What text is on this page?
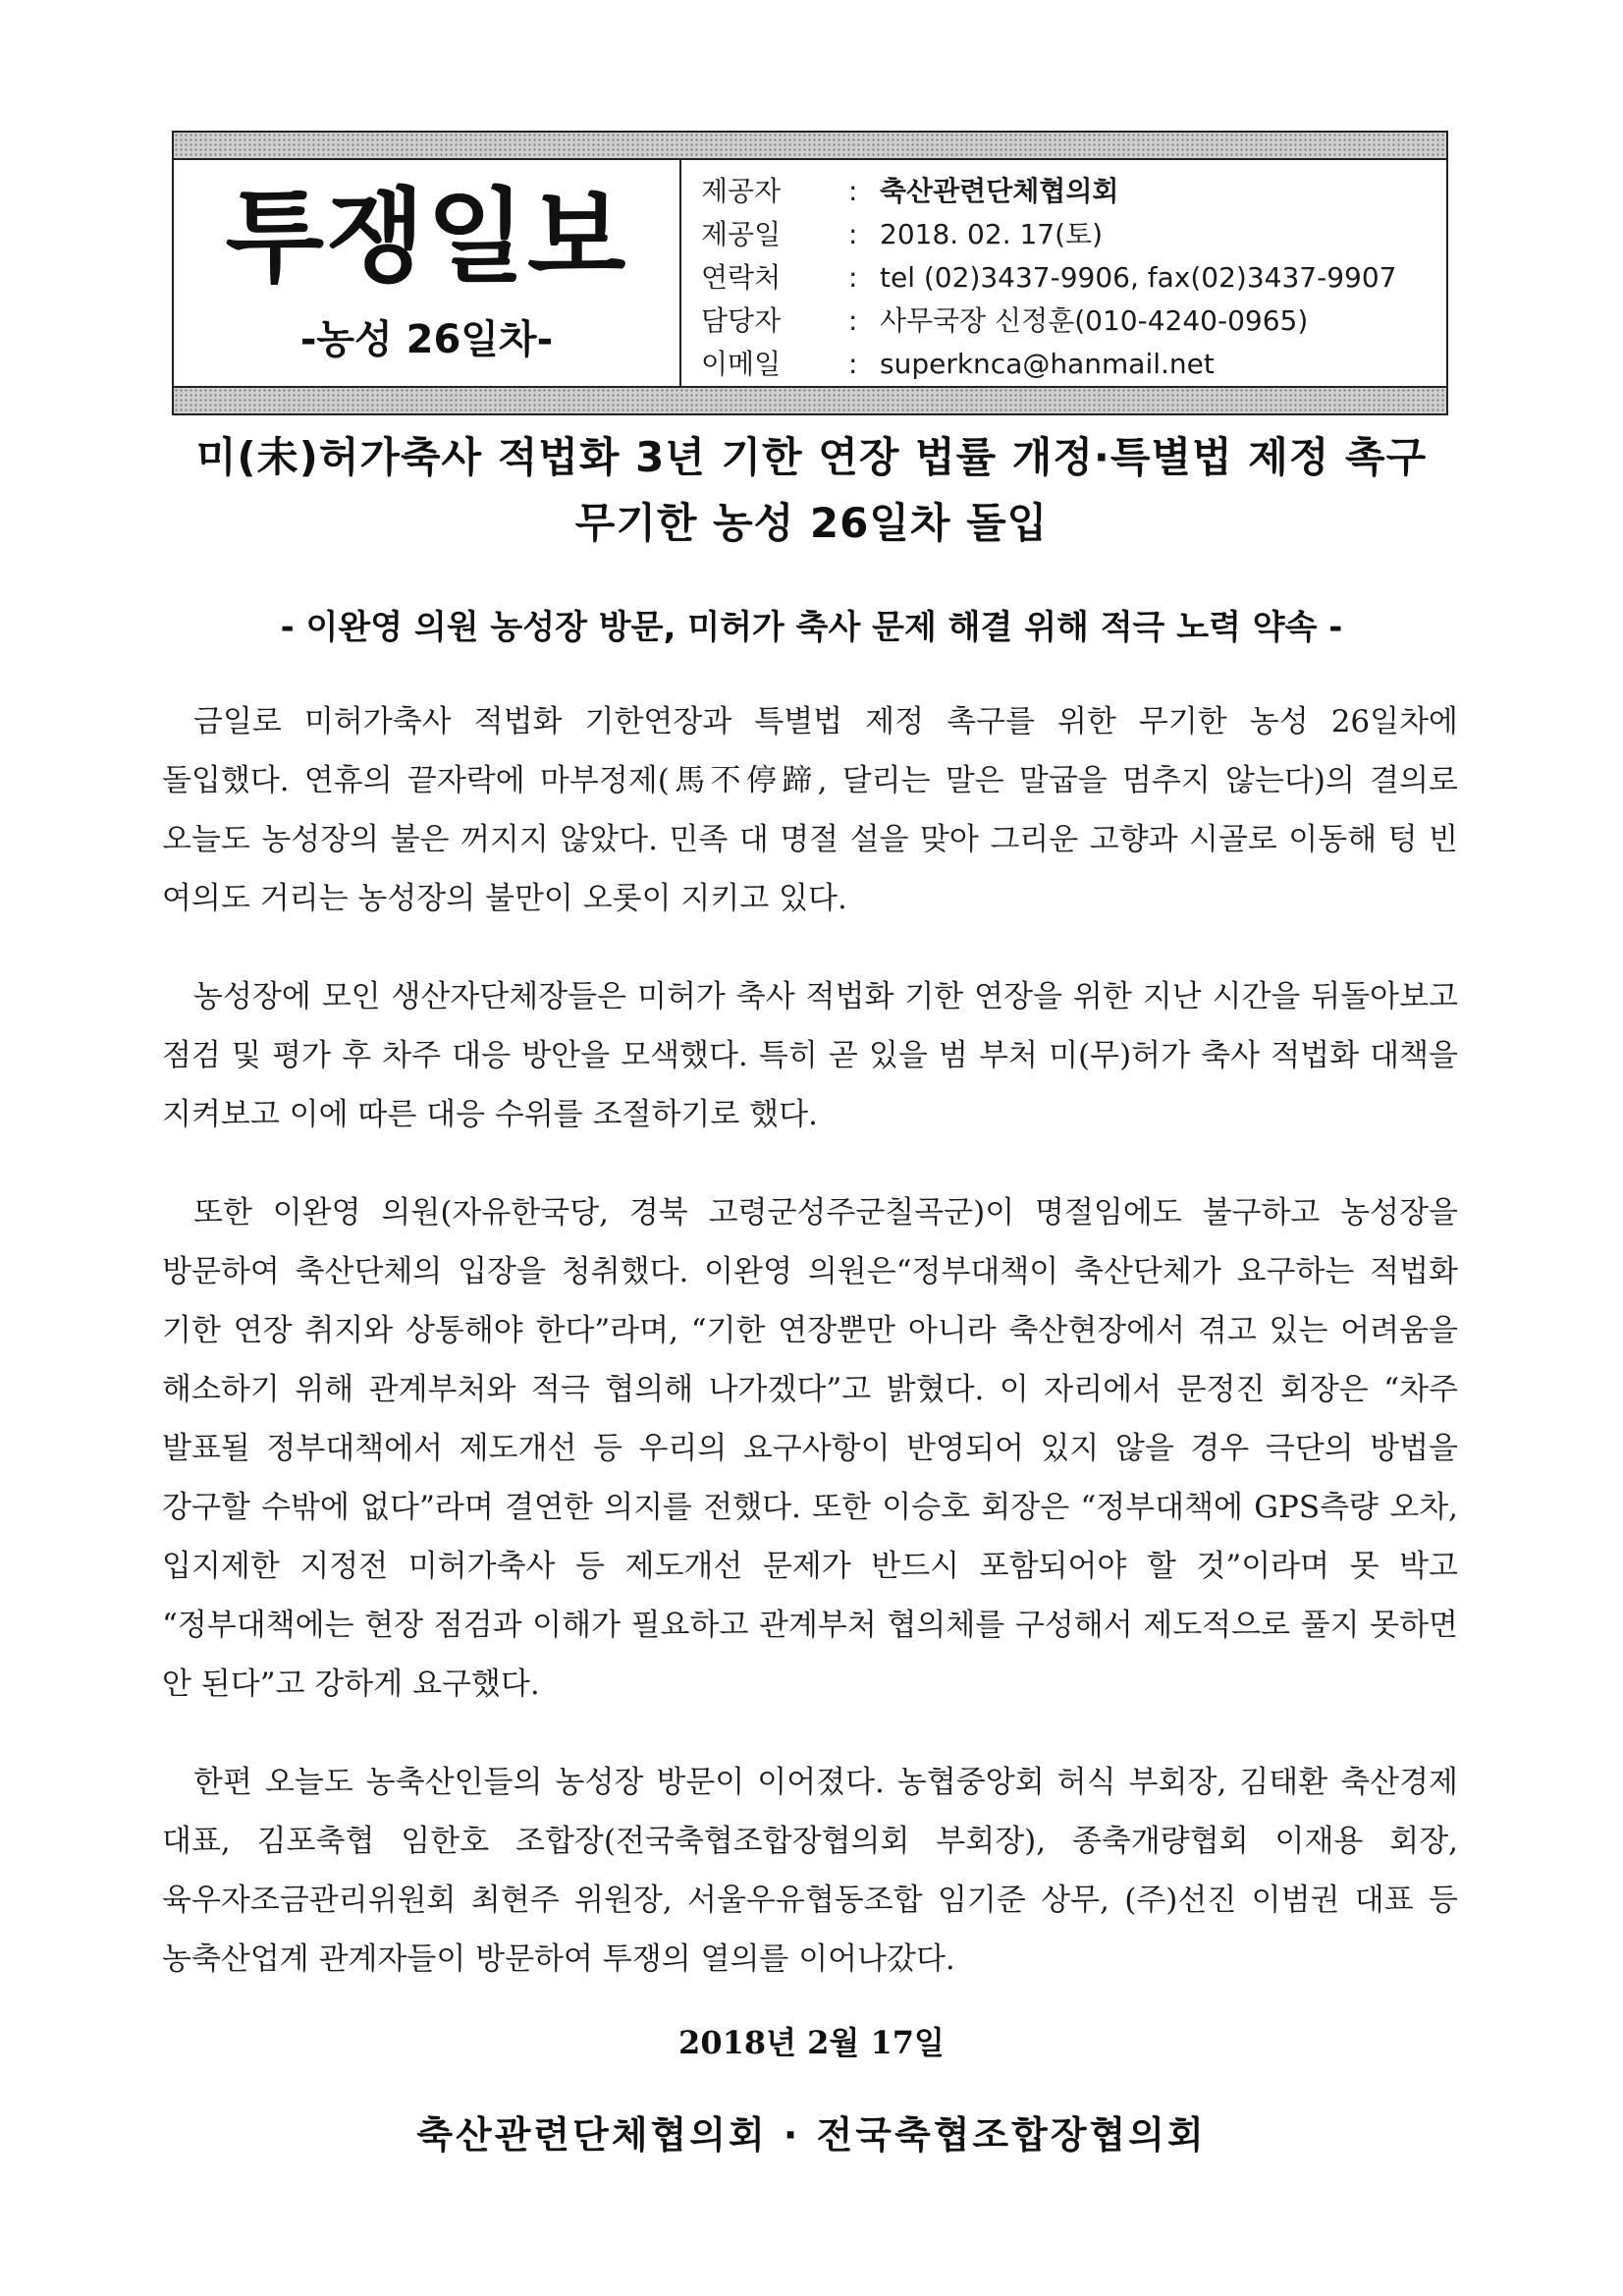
투쟁일보
-농성 26일차-
제공자 : 축산관련단체협의회
제공일 : 2018. 02. 17(토)
연락처 : tel (02)3437-9906, fax(02)3437-9907
담당자 : 사무국장 신정훈(010-4240-0965)
이메일 : superknca@hanmail.net
미(未)허가축사 적법화 3년 기한 연장 법률 개정·특별법 제정 촉구
무기한 농성 26일차 돌입
- 이완영 의원 농성장 방문, 미허가 축사 문제 해결 위해 적극 노력 약속 -

금일로 미허가축사 적법화 기한연장과 특별법 제정 촉구를 위한 무기한 농성 26일차에 돌입했다. 연휴의 끝자락에 마부정제(馬不停蹄, 달리는 말은 말굽을 멈추지 않는다)의 결의로 오늘도 농성장의 불은 꺼지지 않았다. 민족 대 명절 설을 맞아 그리운 고향과 시골로 이동해 텅 빈 여의도 거리는 농성장의 불만이 오롯이 지키고 있다.

농성장에 모인 생산자단체장들은 미허가 축사 적법화 기한 연장을 위한 지난 시간을 뒤돌아보고 점검 및 평가 후 차주 대응 방안을 모색했다. 특히 곧 있을 범 부처 미(무)허가 축사 적법화 대책을 지켜보고 이에 따른 대응 수위를 조절하기로 했다.

또한 이완영 의원(자유한국당, 경북 고령군성주군칠곡군)이 명절임에도 불구하고 농성장을 방문하여 축산단체의 입장을 청취했다. 이완영 의원은“정부대책이 축산단체가 요구하는 적법화 기한 연장 취지와 상통해야 한다”라며, “기한 연장뿐만 아니라 축산현장에서 겪고 있는 어려움을 해소하기 위해 관계부처와 적극 협의해 나가겠다”고 밝혔다. 이 자리에서 문정진 회장은 “차주 발표될 정부대책에서 제도개선 등 우리의 요구사항이 반영되어 있지 않을 경우 극단의 방법을 강구할 수밖에 없다”라며 결연한 의지를 전했다. 또한 이승호 회장은 “정부대책에 GPS측량 오차, 입지제한 지정전 미허가축사 등 제도개선 문제가 반드시 포함되어야 할 것”이라며 못 박고 “정부대책에는 현장 점검과 이해가 필요하고 관계부처 협의체를 구성해서 제도적으로 풀지 못하면 안 된다”고 강하게 요구했다.

한편 오늘도 농축산인들의 농성장 방문이 이어졌다. 농협중앙회 허식 부회장, 김태환 축산경제 대표, 김포축협 임한호 조합장(전국축협조합장협의회 부회장), 종축개량협회 이재용 회장, 육우자조금관리위원회 최현주 위원장, 서울우유협동조합 임기준 상무, (주)선진 이범권 대표 등 농축산업계 관계자들이 방문하여 투쟁의 열의를 이어나갔다.

2018년 2월 17일
축산관련단체협의회 · 전국축협조합장협의회
